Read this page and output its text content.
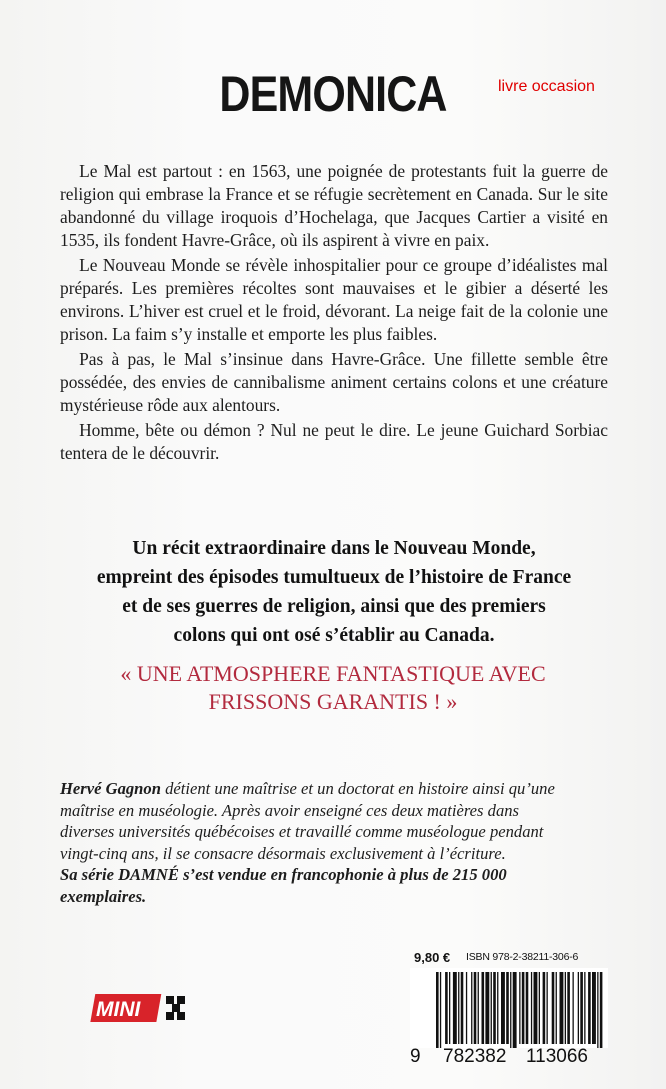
DEMONICA	livre occasion

Le Mal est partout : en 1563, une poignée de protestants fuit la guerre de religion qui embrase la France et se réfugie secrètement en Canada. Sur le site abandonné du village iroquois d’Hochelaga, que Jacques Cartier a visité en 1535, ils fondent Havre-Grâce, où ils aspirent à vivre en paix.

Le Nouveau Monde se révèle inhospitalier pour ce groupe d’idéalistes mal préparés. Les premières récoltes sont mauvaises et le gibier a déserté les environs. L’hiver est cruel et le froid, dévorant. La neige fait de la colonie une prison. La faim s’y installe et emporte les plus faibles.

Pas à pas, le Mal s’insinue dans Havre-Grâce. Une fillette semble être possédée, des envies de cannibalisme animent certains colons et une créature mystérieuse rôde aux alentours.

Homme, bête ou démon ? Nul ne peut le dire. Le jeune Guichard Sorbiac tentera de le découvrir.

Un récit extraordinaire dans le Nouveau Monde,
empreint des épisodes tumultueux de l’histoire de France
et de ses guerres de religion, ainsi que des premiers
colons qui ont osé s’établir au Canada.
« UNE ATMOSPHERE FANTASTIQUE AVEC
FRISSONS GARANTIS ! »
Hervé Gagnon détient une maîtrise et un doctorat en histoire ainsi qu’une
maîtrise en muséologie. Après avoir enseigné ces deux matières dans
diverses universités québécoises et travaillé comme muséologue pendant
vingt-cinq ans, il se consacre désormais exclusivement à l’écriture.
Sa série DAMNÉ s’est vendue en francophonie à plus de 215 000
exemplaires.
MINI
9,80 € ISBN 978-2-38211-306-6
9 782382 113066
